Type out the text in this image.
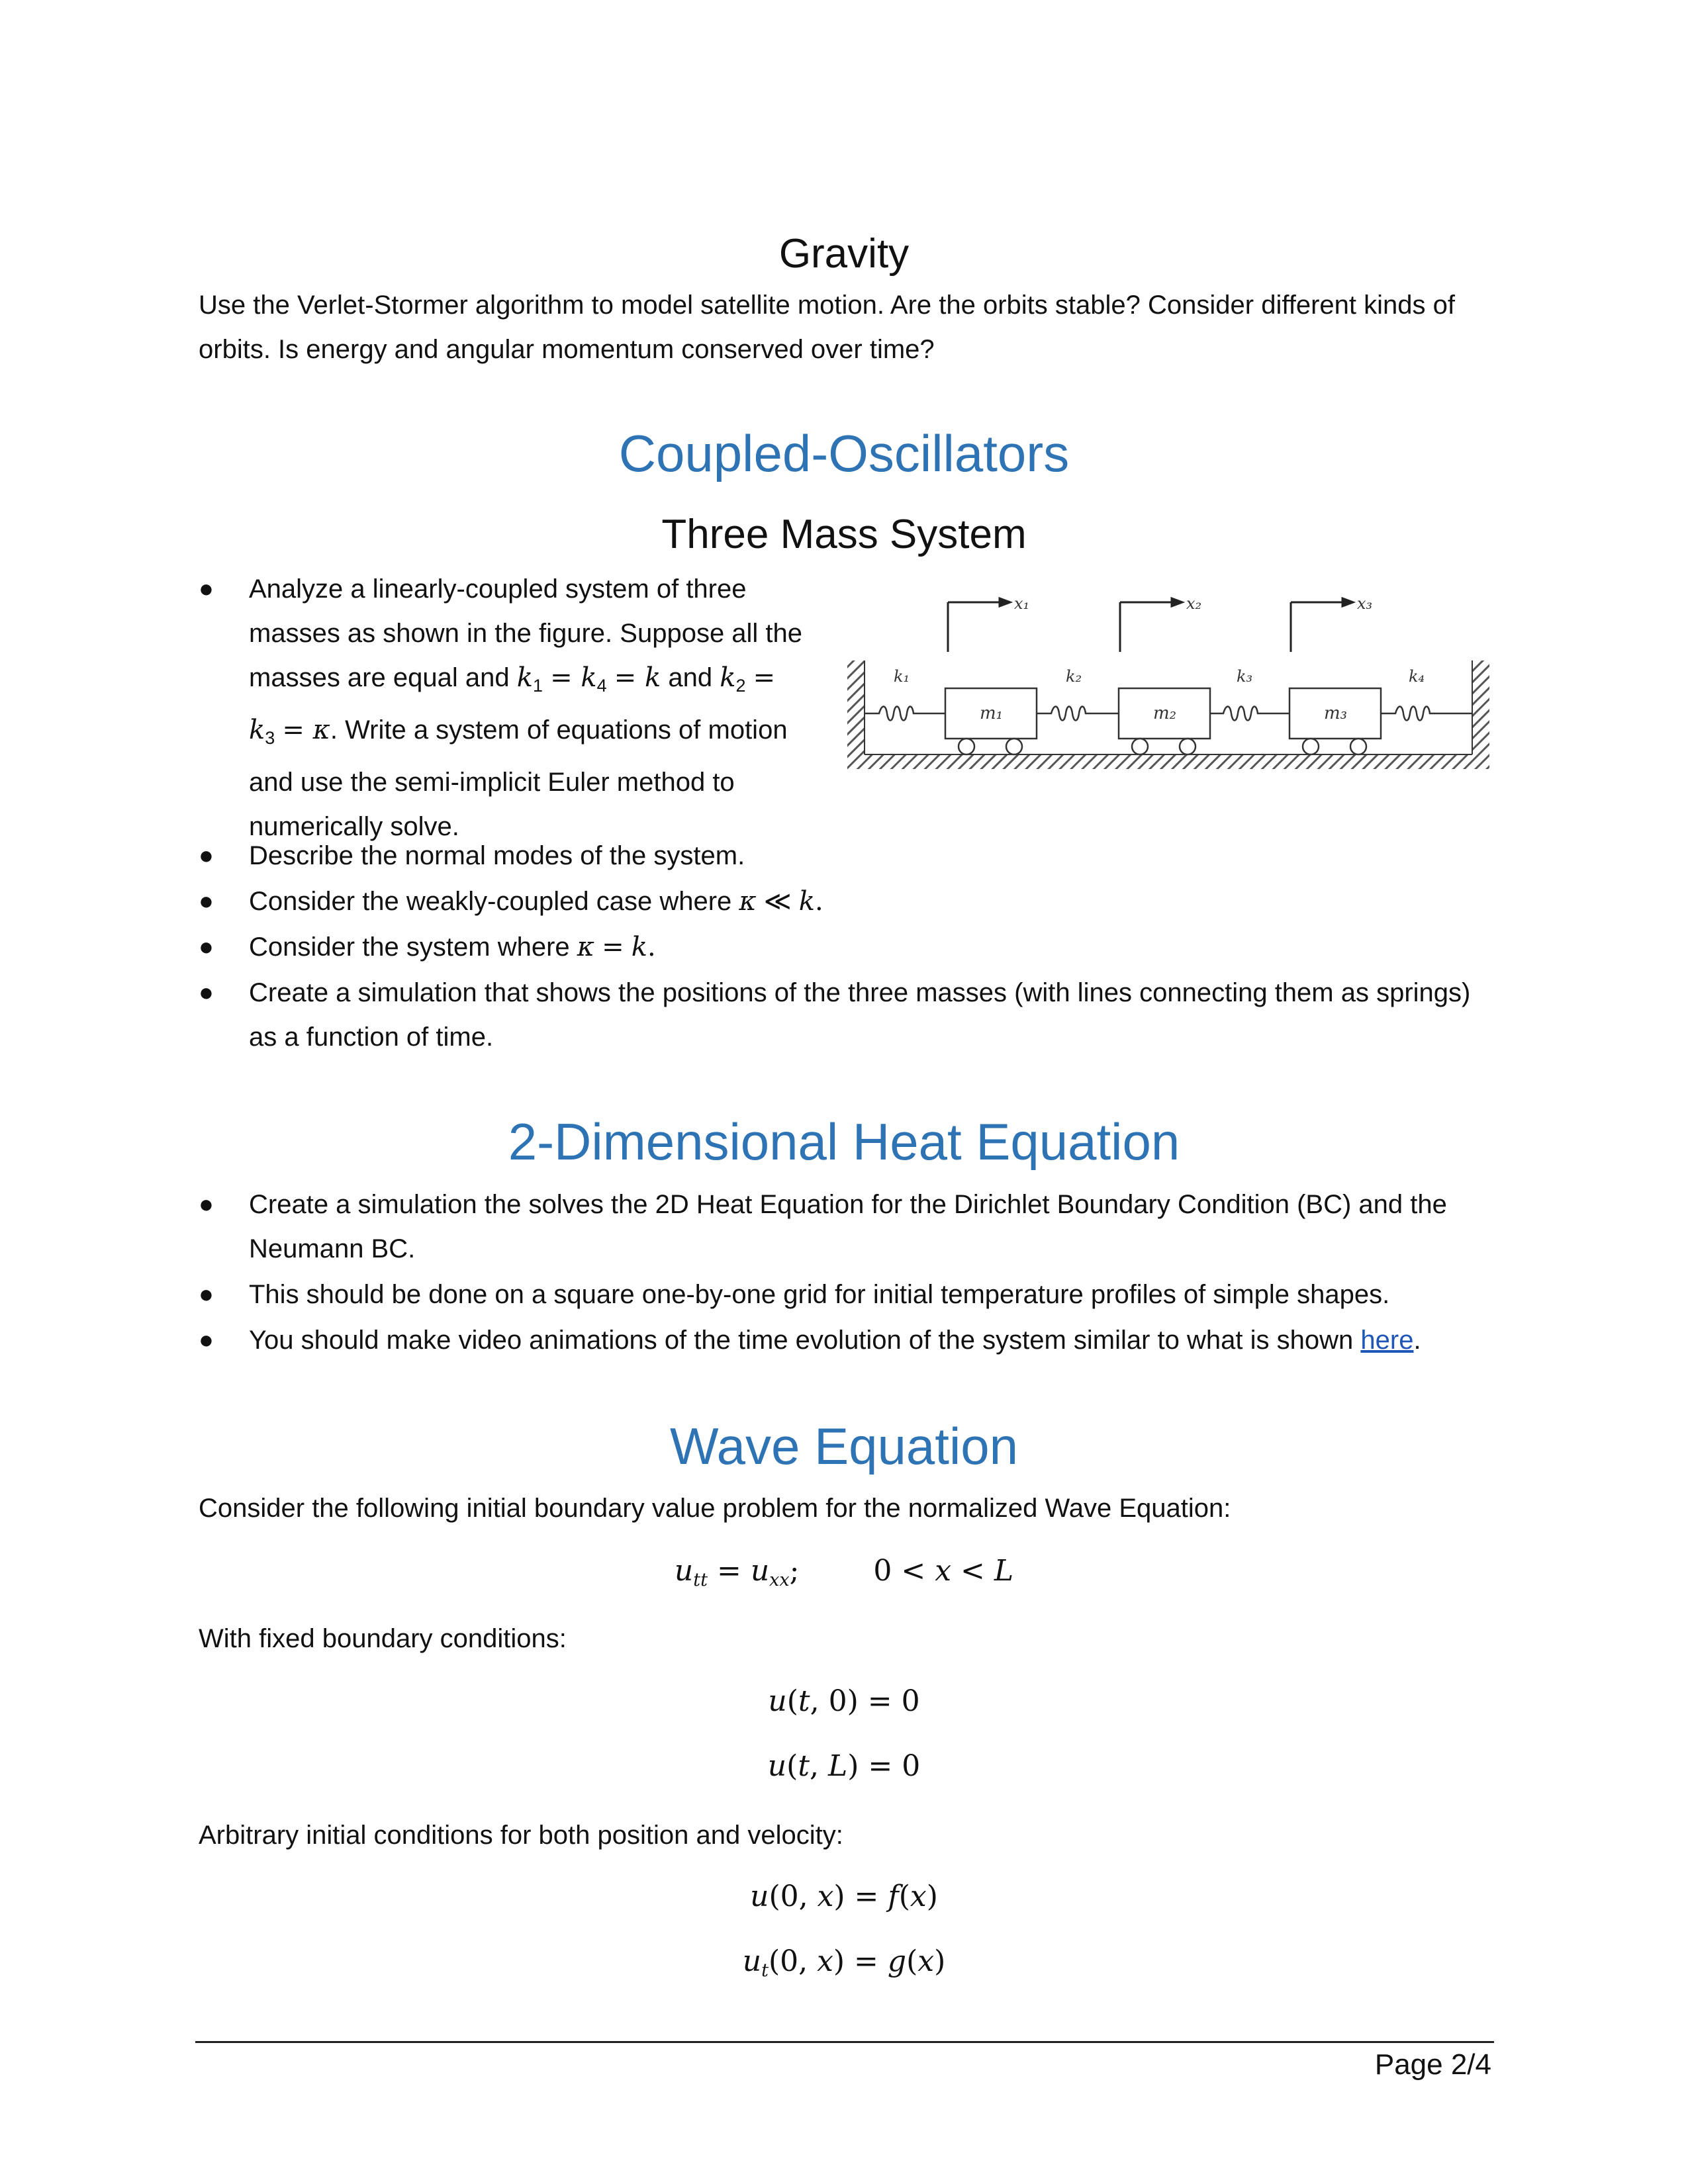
Gravity
Use the Verlet-Stormer algorithm to model satellite motion. Are the orbits stable? Consider different kinds of
orbits. Is energy and angular momentum conserved over time?
Coupled-Oscillators
Three Mass System
●	Analyze a linearly-coupled system of three
masses as shown in the figure. Suppose all the
masses are equal and $k_1 = k_4 = k$ and $k_2$ =
$k_3 = \kappa$. Write a system of equations of motion
and use the semi-implicit Euler method to
numerically solve.
x₁	x₂	x₃
k₁	k₂	k₃	k₄
m₁	m₂	m₃
●	Describe the normal modes of the system.
●	Consider the weakly-coupled case where κ ≪ k.
●	Consider the system where κ = k.
●	Create a simulation that shows the positions of the three masses (with lines connecting them as springs)
as a function of time.
2-Dimensional Heat Equation
●	Create a simulation the solves the 2D Heat Equation for the Dirichlet Boundary Condition (BC) and the
Neumann BC.
●	This should be done on a square one-by-one grid for initial temperature profiles of simple shapes.
●	You should make video animations of the time evolution of the system similar to what is shown here.
Wave Equation
Consider the following initial boundary value problem for the normalized Wave Equation:
$u_{tt} = u_{xx}$;        0 < x < L
With fixed boundary conditions:
u(t, 0) = 0
u(t, L) = 0
Arbitrary initial conditions for both position and velocity:
u(0, x) = f(x)
$u_t(0$, x) = g(x)
Page 2/4
